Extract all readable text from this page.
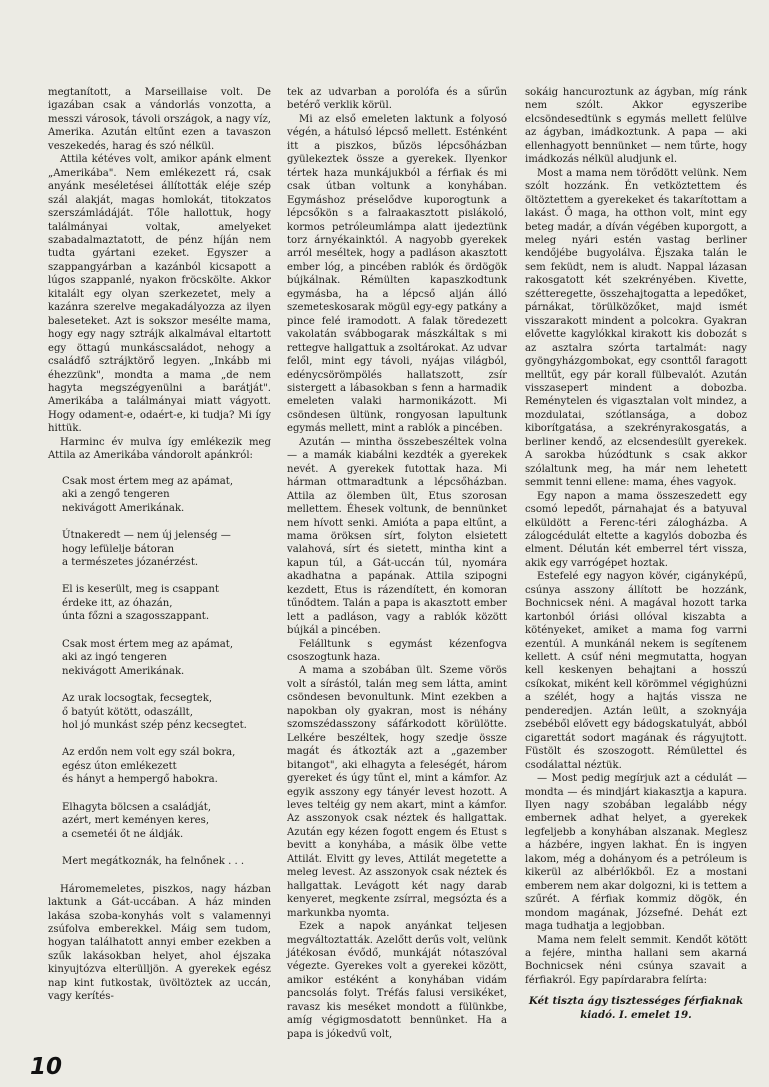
megtanított, a Marseillaise volt. De igazában csak a vándorlás vonzotta, a messzi városok, távoli országok, a nagy víz, Amerika. Azután eltűnt ezen a tavaszon veszekedés, harag és szó nélkül.

Attila kétéves volt, amikor apánk elment „Amerikába". Nem emlékezett rá, csak anyánk meséletései állították eléje szép szál alakját, magas homlokát, titokzatos szerszámládáját. Tőle hallottuk, hogy találmányai voltak, amelyeket szabadalmaztatott, de pénz híján nem tudta gyártani ezeket. Egyszer a szappangyárban a kazánból kicsapott a lúgos szappanlé, nyakon fröcskölte. Akkor kitalált egy olyan szerkezetet, mely a kazánra szerelve megakadályozza az ilyen baleseteket. Azt is sokszor mesélte mama, hogy egy nagy sztrájk alkalmával eltartott egy öttagú munkáscsaládot, nehogy a családfő sztrájktörő legyen. „Inkább mi éhezzünk", mondta a mama „de nem hagyta megszégyenülni a barátját". Amerikába a találmányai miatt vágyott. Hogy odament-e, odaért-e, ki tudja? Mi így hittük.

Harminc év mulva így emlékezik meg Attila az Amerikába vándorolt apánkról:

Csak most értem meg az apámat,
aki a zengő tengeren
nekivágott Amerikának.
Útnakeredt — nem új jelenség —
hogy lefülelje bátoran
a természetes józanérzést.
El is keserült, meg is csappant
érdeke itt, az óhazán,
únta főzni a szagosszappant.
Csak most értem meg az apámat,
aki az ingó tengeren
nekivágott Amerikának.
Az urak locsogtak, fecsegtek,
ő batyút kötött, odaszállt,
hol jó munkást szép pénz kecsegtet.
Az erdőn nem volt egy szál bokra,
egész úton emlékezett
és hányt a hempergő habokra.
Elhagyta bölcsen a családját,
azért, mert keményen keres,
a csemetéi őt ne áldják.
Mert megátkoznák, ha felnőnek . . .

Háromemeletes, piszkos, nagy házban laktunk a Gát-uccában. A ház minden lakása szoba-konyhás volt s valamennyi zsúfolva emberekkel. Máig sem tudom, hogyan találhatott annyi ember ezekben a szűk lakásokban helyet, ahol éjszaka kinyujtózva elterülljön. A gyerekek egész nap kint futkostak, üvöltöztek az uccán, vagy kerítés-

tek az udvarban a porolófa és a sűrűn betérő verklik körül.

Mi az első emeleten laktunk a folyosó végén, a hátulsó lépcső mellett. Esténként itt a piszkos, bűzös lépcsőházban gyülekeztek össze a gyerekek. Ilyenkor tértek haza munkájukból a férfiak és mi csak útban voltunk a konyhában. Egymáshoz préselődve kuporogtunk a lépcsőkön s a falraakasztott pislákoló, kormos petróleumlámpa alatt ijedeztünk torz árnyékainktól. A nagyobb gyerekek arról meséltek, hogy a padláson akasztott ember lóg, a pincében rablók és ördögök bújkálnak. Rémülten kapaszkodtunk egymásba, ha a lépcső alján álló szemeteskosarak mögül egy-egy patkány a pince felé iramodott. A falak töredezett vakolatán svábbogarak mászkáltak s mi rettegve hallgattuk a zsoltárokat. Az udvar felől, mint egy távoli, nyájas világból, edénycsörömpölés hallatszott, zsír sistergett a lábasokban s fenn a harmadik emeleten valaki harmonikázott. Mi csöndesen ültünk, rongyosan lapultunk egymás mellett, mint a rablók a pincében.

Azután — mintha összebeszéltek volna — a mamák kiabálni kezdték a gyerekek nevét. A gyerekek futottak haza. Mi hárman ottmaradtunk a lépcsőházban. Attila az ölemben ült, Etus szorosan mellettem. Éhesek voltunk, de bennünket nem hívott senki. Amióta a papa eltűnt, a mama öröksen sírt, folyton elsietett valahová, sírt és sietett, mintha kint a kapun túl, a Gát-uccán túl, nyomára akadhatna a papának. Attila szipogni kezdett, Etus is rázendített, én komoran tűnődtem. Talán a papa is akasztott ember lett a padláson, vagy a rablók között bújkál a pincében.

Felálltunk s egymást kézenfogva csoszogtunk haza.

A mama a szobában ült. Szeme vörös volt a sírástól, talán meg sem látta, amint csöndesen bevonultunk. Mint ezekben a napokban oly gyakran, most is néhány szomszédasszony sáfárkodott körülötte. Lelkére beszéltek, hogy szedje össze magát és átkozták azt a „gazember bitangot", aki elhagyta a feleségét, három gyereket és úgy tűnt el, mint a kámfor. Az egyik asszony egy tányér levest hozott. A leves teltéig gy nem akart, mint a kámfor. Az asszonyok csak néztek és hallgattak. Azután egy kézen fogott engem és Etust s bevitt a konyhába, a másik ölbe vette Attilát. Elvitt gy leves, Attilát megetette a meleg levest. Az asszonyok csak néztek és hallgattak. Levágott két nagy darab kenyeret, megkente zsírral, megsózta és a markunkba nyomta.

Ezek a napok anyánkat teljesen megváltoztatták. Azelőtt derűs volt, velünk játékosan évődő, munkáját nótaszóval végezte. Gyerekes volt a gyerekei között, amikor estéként a konyhában vidám pancsolás folyt. Tréfás falusi versikéket, ravasz kis meséket mondott a fülünkbe, amíg végigmosdatott bennünket. Ha a papa is jókedvű volt,

sokáig hancuroztunk az ágyban, míg ránk nem szólt. Akkor egyszeribe elcsöndesedtünk s egymás mellett felülve az ágyban, imádkoztunk. A papa — aki ellenhagyott bennünket — nem tűrte, hogy imádkozás nélkül aludjunk el.

Most a mama nem törődött velünk. Nem szólt hozzánk. Én vetköztettem és öltöztettem a gyerekeket és takarítottam a lakást. Ő maga, ha otthon volt, mint egy beteg madár, a díván végében kuporgott, a meleg nyári estén vastag berliner kendőjébe bugyolálva. Éjszaka talán le sem feküdt, nem is aludt. Nappal lázasan rakosgatott két szekrényében. Kivette, szétteregette, összehajtogatta a lepedőket, párnákat, törülközőket, majd ismét visszarakott mindent a polcokra. Gyakran elővette kagylókkal kirakott kis dobozát s az asztalra szórta tartalmát: nagy gyöngyházgombokat, egy csonttől faragott melltűt, egy pár korall fülbevalót. Azután visszasepert mindent a dobozba. Reménytelen és vigasztalan volt mindez, a mozdulatai, szótlansága, a doboz kiborítgatása, a szekrényrakosgatás, a berliner kendő, az elcsendesült gyerekek. A sarokba húzódtunk s csak akkor szólaltunk meg, ha már nem lehetett semmit tenni ellene: mama, éhes vagyok.

Egy napon a mama összeszedett egy csomó lepedőt, párnahajat és a batyuval elküldött a Ferenc-téri zálogházba. A zálogcédulát eltette a kagylós dobozba és elment. Délután két emberrel tért vissza, akik egy varrógépet hoztak.

Estefelé egy nagyon kövér, cigányképű, csúnya asszony állított be hozzánk, Bochnicsek néni. A magával hozott tarka kartonból óriási ollóval kiszabta a kötényeket, amiket a mama fog varrni ezentúl. A munkánál nekem is segítenem kellett. A csúf néni megmutatta, hogyan kell keskenyen behajtani a hosszú csíkokat, miként kell körömmel végighúzni a szélét, hogy a hajtás vissza ne penderedjen. Aztán leült, a szoknyája zsebéből elővett egy bádogskatulyát, abból cigarettát sodort magának és rágyujtott. Füstölt és szoszogott. Rémülettel és csodálattal néztük.

— Most pedig megírjuk azt a cédulát — mondta — és mindjárt kiakasztja a kapura. Ilyen nagy szobában legalább négy embernek adhat helyet, a gyerekek legfeljebb a konyhában alszanak. Meglesz a házbére, ingyen lakhat. Én is ingyen lakom, még a dohányom és a petróleum is kikerül az albérlőkből. Ez a mostani emberem nem akar dolgozni, ki is tettem a szűrét. A férfiak kommiz dögök, én mondom magának, Józsefné. Dehát ezt maga tudhatja a legjobban.

Mama nem felelt semmit. Kendőt kötött a fejére, mintha hallani sem akarná Bochnicsek néni csúnya szavait a férfiakról. Egy papírdarabra felírta:

Két tiszta ágy tisztességes férfiaknak
kiadó. I. emelet 19.
10
